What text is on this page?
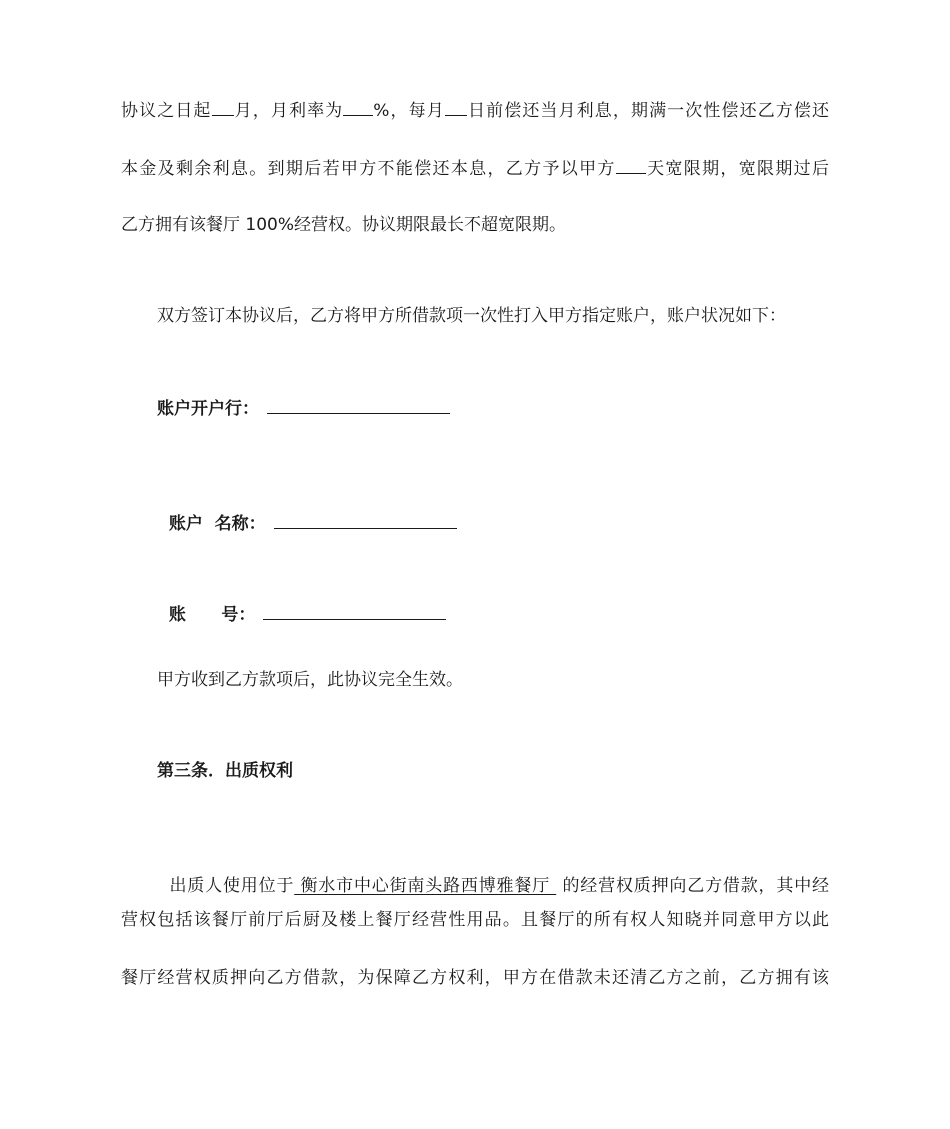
协议之日起 月，月利率为 %，每月 日前偿还当月利息，期满一次性偿还乙方偿还

本金及剩余利息。到期后若甲方不能偿还本息，乙方予以甲方 天宽限期，宽限期过后

乙方拥有该餐厅 100%经营权。协议期限最长不超宽限期。

双方签订本协议后，乙方将甲方所借款项一次性打入甲方指定账户，账户状况如下：

账户开户行：

账户  名称：

账      号：

甲方收到乙方款项后，此协议完全生效。

第三条．出质权利

出质人使用位于 衡水市中心街南头路西博雅餐厅  的经营权质押向乙方借款，其中经

营权包括该餐厅前厅后厨及楼上餐厅经营性用品。且餐厅的所有权人知晓并同意甲方以此

餐厅经营权质押向乙方借款，为保障乙方权利，甲方在借款未还清乙方之前，乙方拥有该
